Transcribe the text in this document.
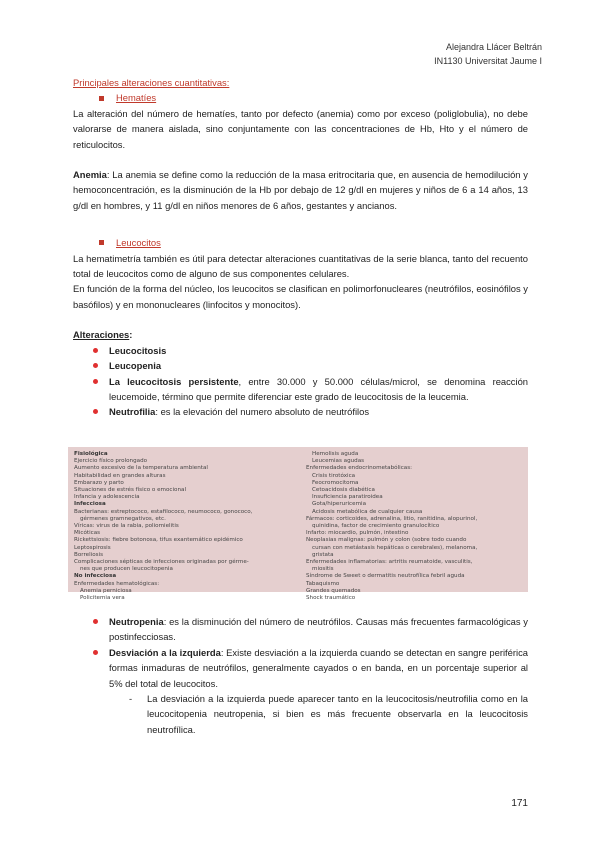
Alejandra Llácer Beltrán
IN1130 Universitat Jaume I
Principales alteraciones cuantitativas:
Hematíes

La alteración del número de hematíes, tanto por defecto (anemia) como por exceso (poliglobulia), no debe valorarse de manera aislada, sino conjuntamente con las concentraciones de Hb, Hto y el número de reticulocitos.

Anemia: La anemia se define como la reducción de la masa eritrocitaria que, en ausencia de hemodilución y hemoconcentración, es la disminución de la Hb por debajo de 12 g/dl en mujeres y niños de 6 a 14 años, 13 g/dl en hombres, y 11 g/dl en niños menores de 6 años, gestantes y ancianos.

Leucocitos

La hematimetría también es útil para detectar alteraciones cuantitativas de la serie blanca, tanto del recuento total de leucocitos como de alguno de sus componentes celulares.

En función de la forma del núcleo, los leucocitos se clasifican en polimorfonucleares (neutrófilos, eosinófilos y basófilos) y en mononucleares (linfocitos y monocitos).

Alteraciones:

Leucocitosis
Leucopenia
La leucocitosis persistente, entre 30.000 y 50.000 células/microl, se denomina reacción leucemoide, término que permite diferenciar este grado de leucocitosis de la leucemia.
Neutrofilia: es la elevación del numero absoluto de neutrófilos
Fisiológica
Ejercicio físico prolongado
Aumento excesivo de la temperatura ambiental
Habitabilidad en grandes alturas
Embarazo y parto
Situaciones de estrés físico o emocional
Infancia y adolescencia
Infecciosa
Bacterianas: estreptococo, estafilococo, neumococo, gonococo,
gérmenes gramnegativos, etc.
Víricas: virus de la rabia, poliomielitis
Micóticas
Rickettsiosis: fiebre botonosa, tifus exantemático epidémico
Leptospirosis
Borreliosis
Complicaciones sépticas de infecciones originadas por gérme-
nes que producen leucocitopenia
No infecciosa
Enfermedades hematológicas:
Anemia perniciosa
Policitemia vera
Hemolisis aguda
Leucemias agudas
Enfermedades endocrinometabólicas:
Crisis tirotóxica
Feocromocitoma
Cetoacidosis diabética
Insuficiencia paratiroidea
Gota/hiperuricemia
Acidosis metabólica de cualquier causa
Fármacos: corticoides, adrenalina, litio, ranitidina, alopurinol,
quinidina, factor de crecimiento granulocítico
Infarto: miocardio, pulmón, intestino
Neoplasias malignas: pulmón y colon (sobre todo cuando
cursan con metástasis hepáticas o cerebrales), melanoma,
gristata
Enfermedades inflamatorias: artritis reumatoide, vasculitis,
miositis
Síndrome de Sweet o dermatitis neutrofílica febril aguda
Tabaquismo
Grandes quemados
Shock traumático
Neutropenia: es la disminución del número de neutrófilos. Causas más frecuentes farmacológicas y postinfecciosas.
Desviación a la izquierda: Existe desviación a la izquierda cuando se detectan en sangre periférica formas inmaduras de neutrófilos, generalmente cayados o en banda, en un porcentaje superior al 5% del total de leucocitos.

- La desviación a la izquierda puede aparecer tanto en la leucocitosis/neutrofilia como en la leucocitopenia neutropenia, si bien es más frecuente observarla en la leucocitosis neutrofílica.

171
